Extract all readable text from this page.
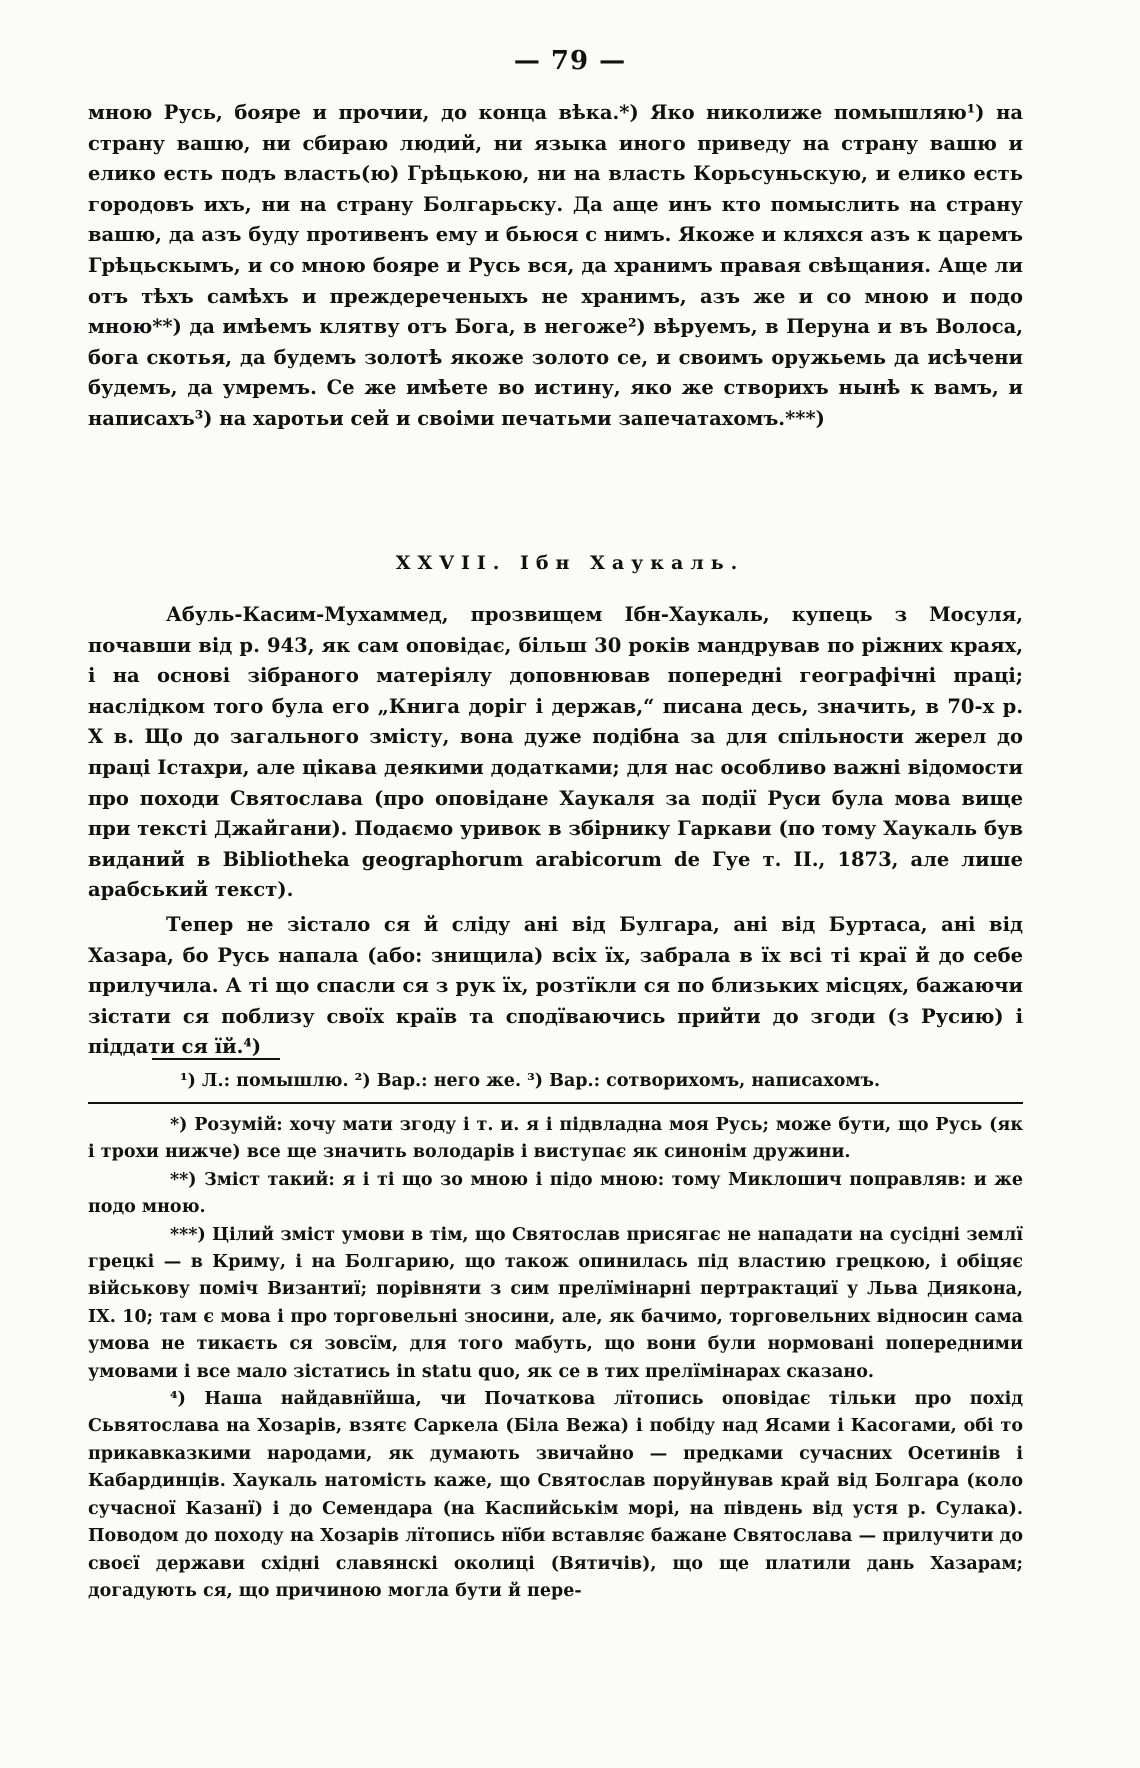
— 79 —

мною Русь, бояре и прочии, до конца вѣка.*) Яко николиже помышляю¹) на страну вашю, ни сбираю людий, ни языка иного приведу на страну вашю и елико есть подъ власть(ю) Грѣцькою, ни на власть Корьсуньскую, и елико есть городовъ ихъ, ни на страну Болгарьску. Да аще инъ кто помыслить на страну вашю, да азъ буду противенъ ему и бьюся с нимъ. Якоже и кляхся азъ к царемъ Грѣцьскымъ, и со мною бояре и Русь вся, да хранимъ правая свѣщания. Аще ли отъ тѣхъ самѣхъ и преждереченыхъ не хранимъ, азъ же и со мною и подо мною**) да имѣемъ клятву отъ Бога, в негоже²) вѣруемъ, в Перуна и въ Волоса, бога скотья, да будемъ золотѣ якоже золото се, и своимъ оружьемь да исѣчени будемъ, да умремъ. Се же имѣете во истину, яко же створихъ нынѣ к вамъ, и написахъ³) на харотьи сей и своіми печатьми запечатахомъ.***)

XXVII. Ібн Хаукаль.

Абуль-Касим-Мухаммед, прозвищем Ібн-Хаукаль, купець з Мосуля, почавши від р. 943, як сам оповідає, більш 30 років мандрував по ріжних краях, і на основі зібраного матеріялу доповнював попередні географічні праці; наслідком того була его „Книга доріг і держав,“ писана десь, значить, в 70-х р. Х в. Що до загального змісту, вона дуже подібна за для спільности жерел до праці Істахри, але цікава деякими додатками; для нас особливо важні відомости про походи Святослава (про оповідане Хаукаля за події Руси була мова вище при тексті Джайгани). Подаємо уривок в збірнику Гаркави (по тому Хаукаль був виданий в Bibliotheka geographorum arabicorum de Гуе т. II., 1873, але лише арабський текст).

Тепер не зістало ся й сліду ані від Булгара, ані від Буртаса, ані від Хазара, бо Русь напала (або: знищила) всіх їх, забрала в їх всі ті краї й до себе прилучила. А ті що спасли ся з рук їх, розтїкли ся по близьких місцях, бажаючи зістати ся поблизу своїх країв та сподїваючись прийти до згоди (з Русию) і піддати ся їй.⁴)

¹) Л.: помышлю. ²) Вар.: него же. ³) Вар.: сотворихомъ, написахомъ.

*) Розумій: хочу мати згоду і т. и. я і підвладна моя Русь; може бути, що Русь (як і трохи нижче) все ще значить володарів і виступає як синонім дружини.

**) Зміст такий: я і ті що зо мною і підо мною: тому Миклошич поправляв: и же подо мною.

***) Цілий зміст умови в тім, що Святослав присягає не нападати на сусідні землї грецкі — в Криму, і на Болгарию, що також опинилась під властию грецкою, і обіцяє військову поміч Византиї; порівняти з сим прелїмінарні пертрактациї у Льва Диякона, IX. 10; там є мова і про торговельні зносини, але, як бачимо, торговельних відносин сама умова не тикаєть ся зовсїм, для того мабуть, що вони були нормовані попередними умовами і все мало зістатись in statu quo, як се в тих прелїмінарах сказано.

⁴) Наша найдавнїйша, чи Початкова лїтопись оповідає тільки про похід Сьвятослава на Хозарів, взятє Саркела (Біла Вежа) і побіду над Ясами і Касогами, обі то прикавказкими народами, як думають звичайно — предками сучасних Осетинів і Кабардинців. Хаукаль натомість каже, що Святослав поруйнував край від Болгара (коло сучасної Казанї) і до Семендара (на Каспийськім морі, на південь від устя р. Сулака). Поводом до походу на Хозарів лїтопись нїби вставляє бажане Святослава — прилучити до своєї держави східні славянскі околиці (Вятичів), що ще платили дань Хазарам; догадують ся, що причиною могла бути й пере-
